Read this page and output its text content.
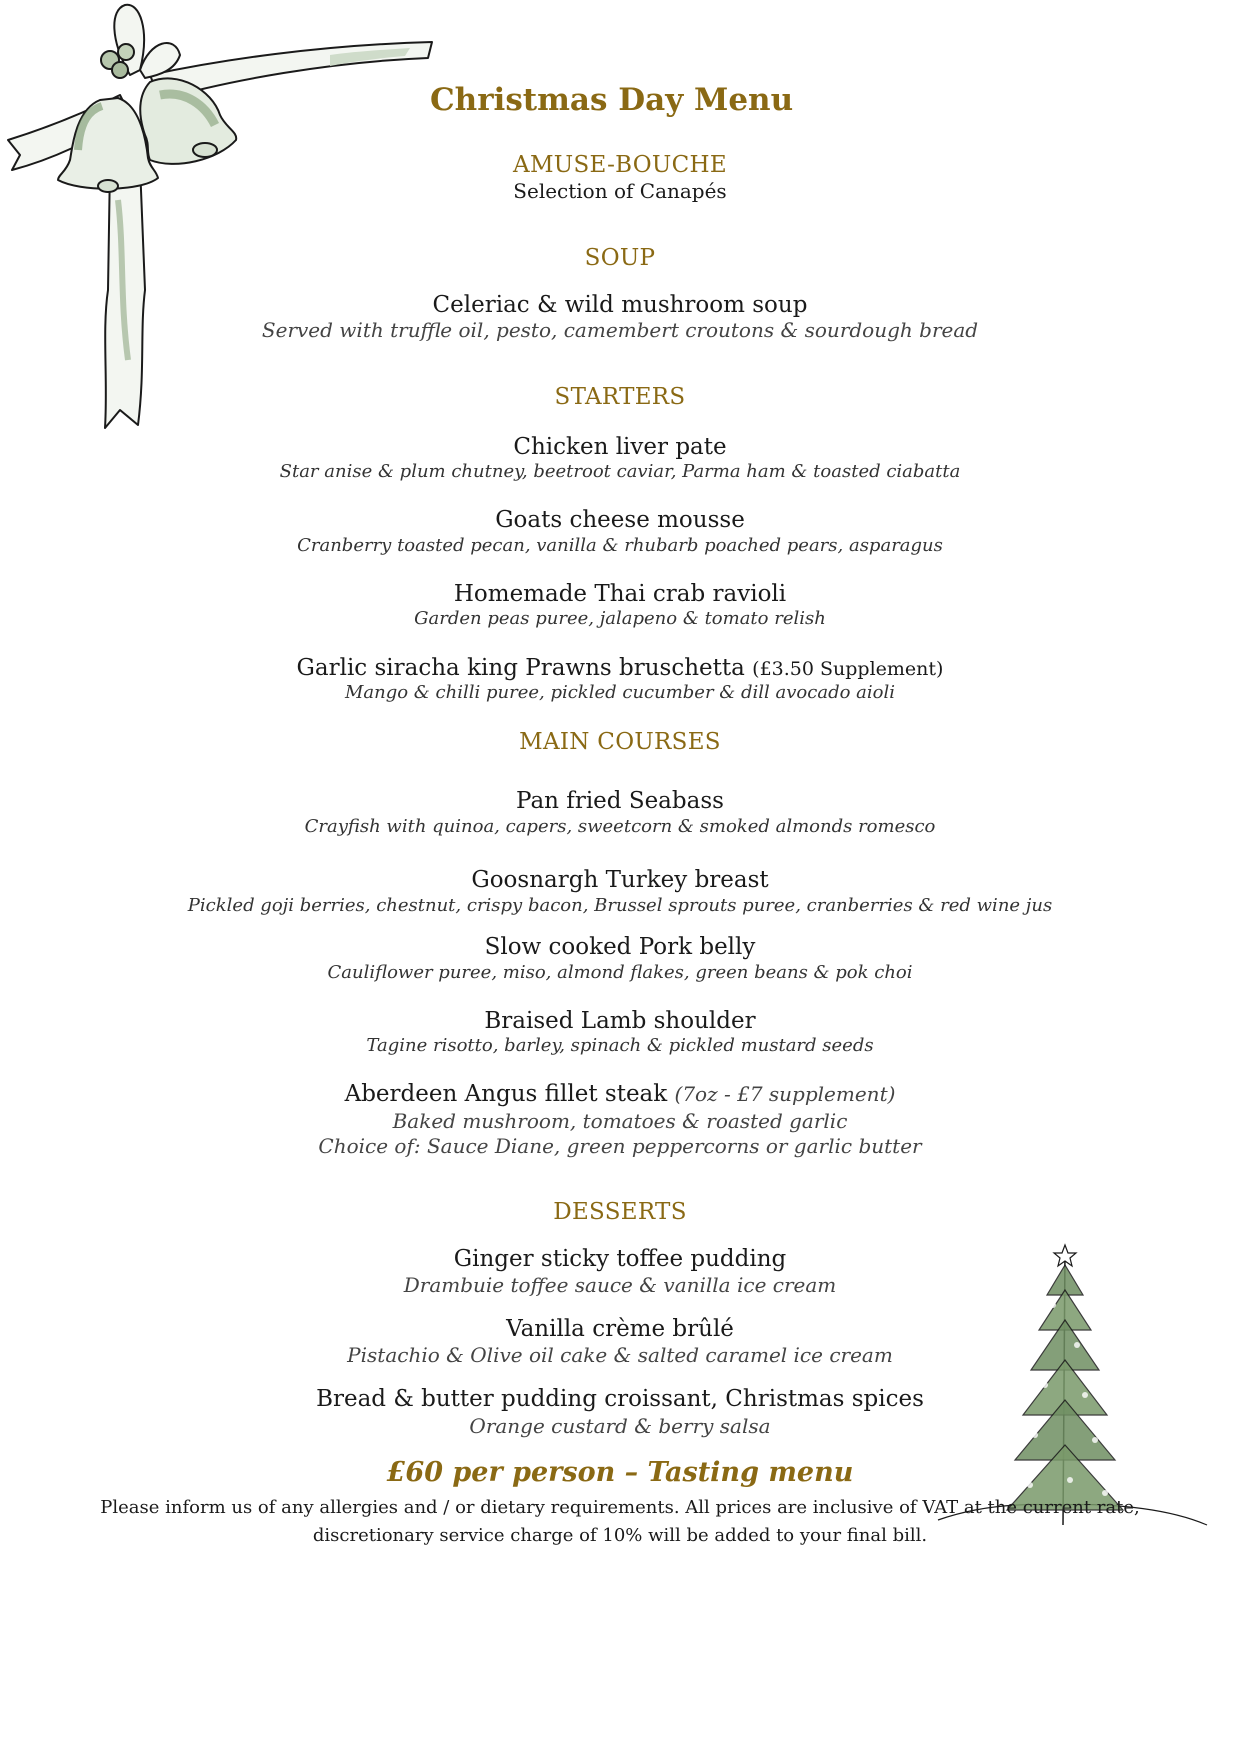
Christmas Day Menu
AMUSE-BOUCHE
Selection of Canapés
SOUP
Celeriac & wild mushroom soup
Served with truffle oil, pesto, camembert croutons & sourdough bread
STARTERS
Chicken liver pate
Star anise & plum chutney, beetroot caviar, Parma ham & toasted ciabatta
Goats cheese mousse
Cranberry toasted pecan, vanilla & rhubarb poached pears, asparagus
Homemade Thai crab ravioli
Garden peas puree, jalapeno & tomato relish
Garlic siracha king Prawns bruschetta (£3.50 Supplement)
Mango & chilli puree, pickled cucumber & dill avocado aioli
MAIN COURSES
Pan fried Seabass
Crayfish with quinoa, capers, sweetcorn & smoked almonds romesco
Goosnargh Turkey breast
Pickled goji berries, chestnut, crispy bacon, Brussel sprouts puree, cranberries & red wine jus
Slow cooked Pork belly
Cauliflower puree, miso, almond flakes, green beans & pok choi
Braised Lamb shoulder
Tagine risotto, barley, spinach & pickled mustard seeds
Aberdeen Angus fillet steak (7oz - £7 supplement)
Baked mushroom, tomatoes & roasted garlic
Choice of: Sauce Diane, green peppercorns or garlic butter
DESSERTS
Ginger sticky toffee pudding
Drambuie toffee sauce & vanilla ice cream
Vanilla crème brûlé
Pistachio & Olive oil cake & salted caramel ice cream
Bread & butter pudding croissant, Christmas spices
Orange custard & berry salsa
£60 per person – Tasting menu
Please inform us of any allergies and / or dietary requirements. All prices are inclusive of VAT at the current rate,
discretionary service charge of 10% will be added to your final bill.
